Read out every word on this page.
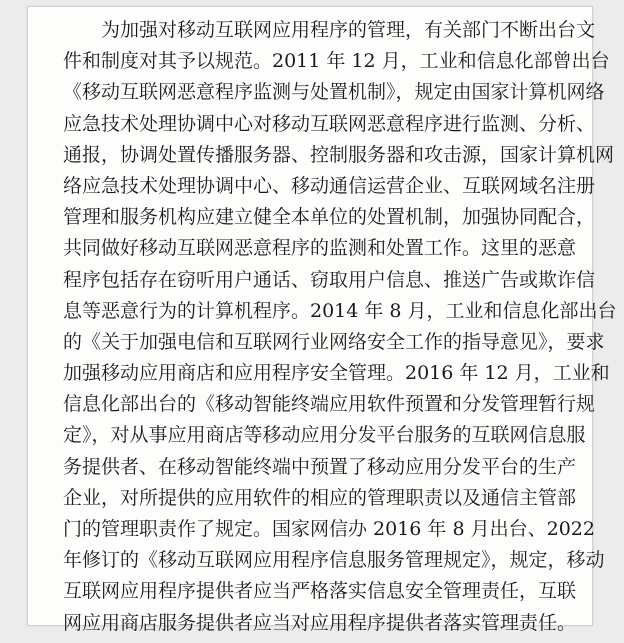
为加强对移动互联网应用程序的管理，有关部门不断出台文
件和制度对其予以规范。2011 年 12 月，工业和信息化部曾出台
《移动互联网恶意程序监测与处置机制》，规定由国家计算机网络
应急技术处理协调中心对移动互联网恶意程序进行监测、分析、
通报，协调处置传播服务器、控制服务器和攻击源，国家计算机网
络应急技术处理协调中心、移动通信运营企业、互联网域名注册
管理和服务机构应建立健全本单位的处置机制，加强协同配合，
共同做好移动互联网恶意程序的监测和处置工作。这里的恶意
程序包括存在窃听用户通话、窃取用户信息、推送广告或欺诈信
息等恶意行为的计算机程序。2014 年 8 月，工业和信息化部出台
的《关于加强电信和互联网行业网络安全工作的指导意见》，要求
加强移动应用商店和应用程序安全管理。2016 年 12 月，工业和
信息化部出台的《移动智能终端应用软件预置和分发管理暂行规
定》，对从事应用商店等移动应用分发平台服务的互联网信息服
务提供者、在移动智能终端中预置了移动应用分发平台的生产
企业，对所提供的应用软件的相应的管理职责以及通信主管部
门的管理职责作了规定。国家网信办 2016 年 8 月出台、2022
年修订的《移动互联网应用程序信息服务管理规定》，规定，移动
互联网应用程序提供者应当严格落实信息安全管理责任，互联
网应用商店服务提供者应当对应用程序提供者落实管理责任。
